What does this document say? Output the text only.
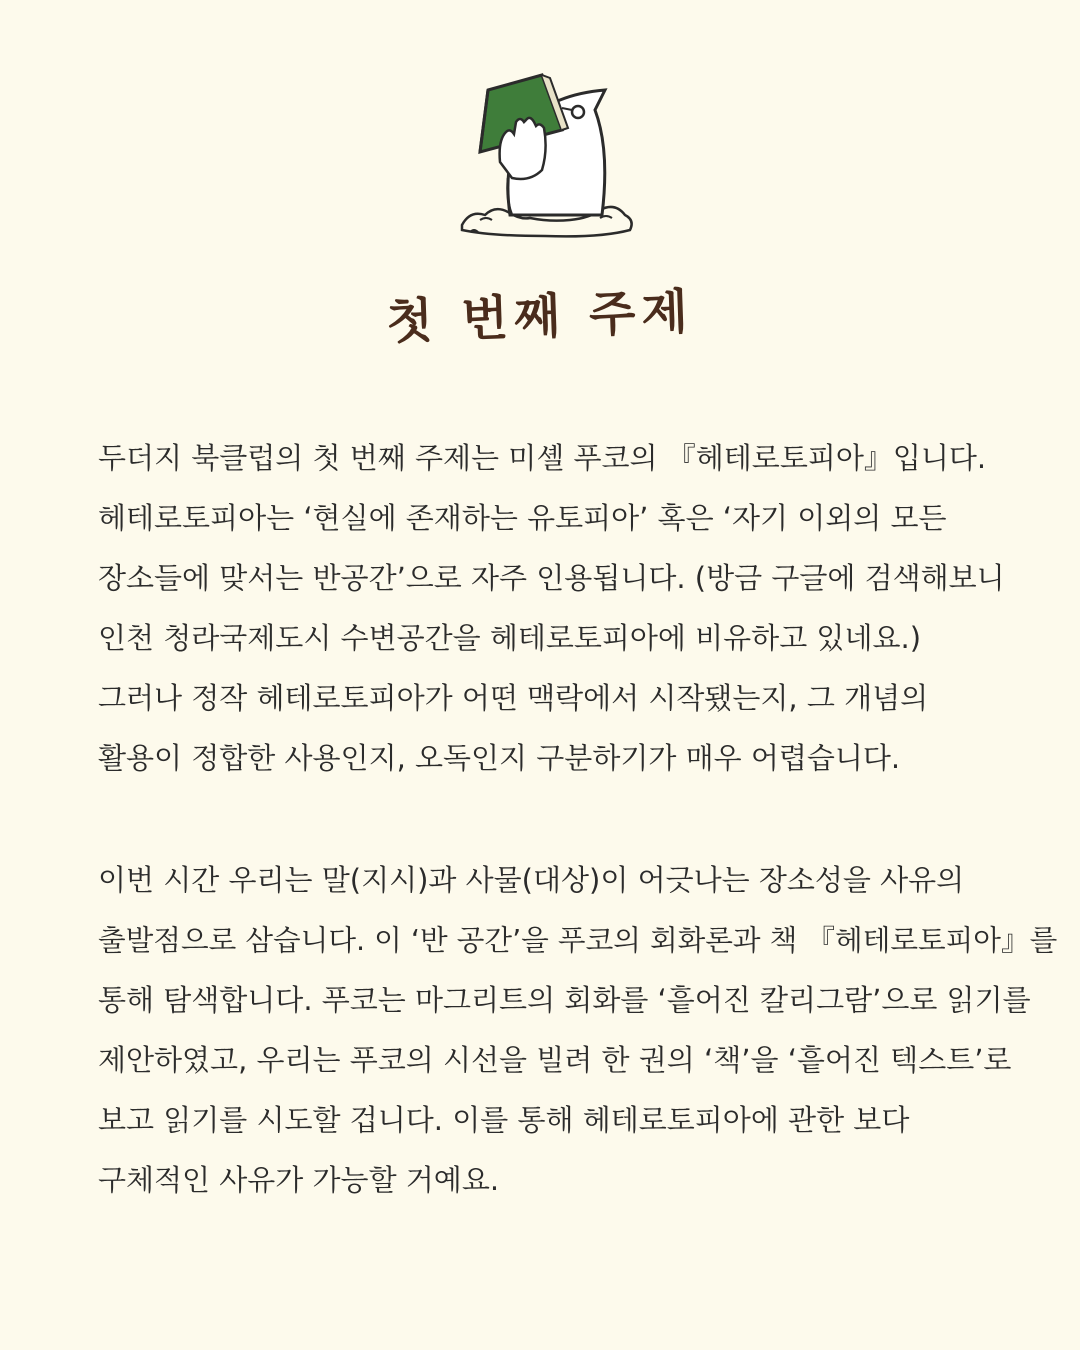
첫 번째 주제
두더지 북클럽의 첫 번째 주제는 미셸 푸코의 『헤테로토피아』입니다.
헤테로토피아는 ‘현실에 존재하는 유토피아’ 혹은 ‘자기 이외의 모든
장소들에 맞서는 반공간’으로 자주 인용됩니다. (방금 구글에 검색해보니
인천 청라국제도시 수변공간을 헤테로토피아에 비유하고 있네요.)
그러나 정작 헤테로토피아가 어떤 맥락에서 시작됐는지, 그 개념의
활용이 정합한 사용인지, 오독인지 구분하기가 매우 어렵습니다.
이번 시간 우리는 말(지시)과 사물(대상)이 어긋나는 장소성을 사유의
출발점으로 삼습니다. 이 ‘반 공간’을 푸코의 회화론과 책 『헤테로토피아』를
통해 탐색합니다. 푸코는 마그리트의 회화를 ‘흩어진 칼리그람’으로 읽기를
제안하였고, 우리는 푸코의 시선을 빌려 한 권의 ‘책’을 ‘흩어진 텍스트’로
보고 읽기를 시도할 겁니다. 이를 통해 헤테로토피아에 관한 보다
구체적인 사유가 가능할 거예요.
